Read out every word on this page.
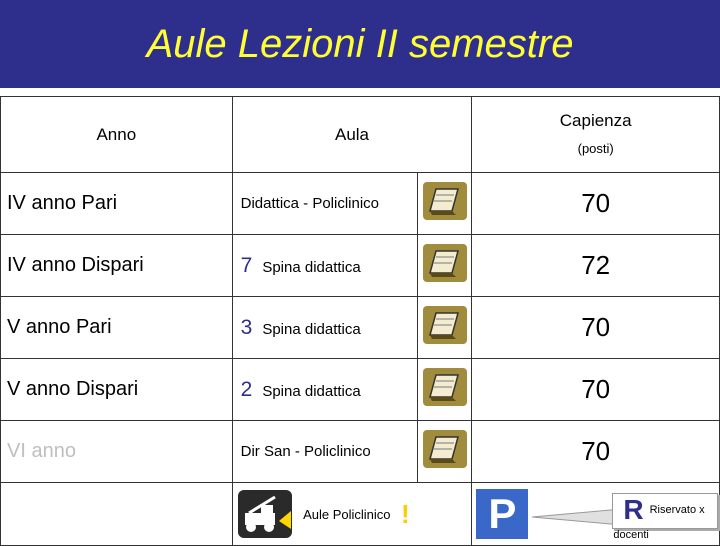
Aule Lezioni II semestre
Anno	Aula		Capienza
(posti)

IV anno Pari	Didattica - Policlinico		70
IV anno Dispari	7 Spina didattica		72
V anno Pari	3 Spina didattica		70
V anno Dispari	2 Spina didattica		70
VI anno	Dir San - Policlinico		70
	Aule Policlinico !		P R Riservato x docenti
